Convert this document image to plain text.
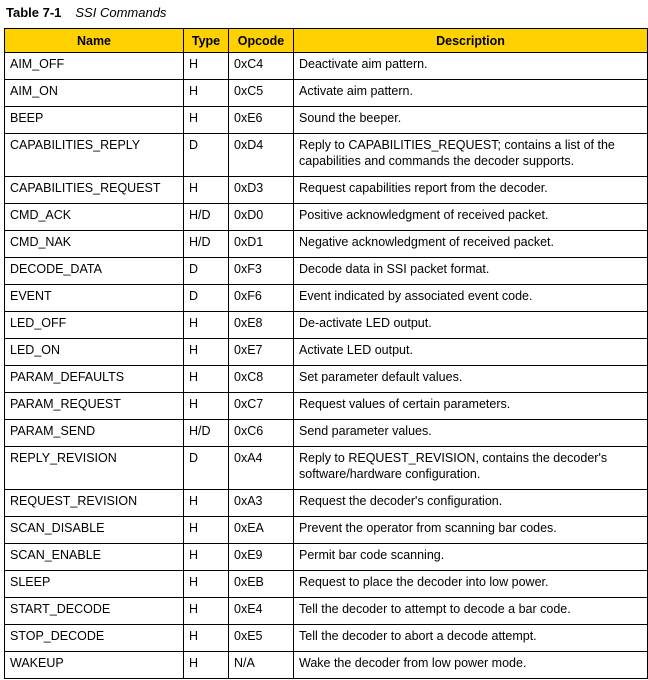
Table 7-1 SSI Commands
Name	Type	Opcode	Description
AIM_OFF	H	0xC4	Deactivate aim pattern.
AIM_ON	H	0xC5	Activate aim pattern.
BEEP	H	0xE6	Sound the beeper.
CAPABILITIES_REPLY	D	0xD4	Reply to CAPABILITIES_REQUEST; contains a list of the capabilities and commands the decoder supports.
CAPABILITIES_REQUEST	H	0xD3	Request capabilities report from the decoder.
CMD_ACK	H/D	0xD0	Positive acknowledgment of received packet.
CMD_NAK	H/D	0xD1	Negative acknowledgment of received packet.
DECODE_DATA	D	0xF3	Decode data in SSI packet format.
EVENT	D	0xF6	Event indicated by associated event code.
LED_OFF	H	0xE8	De-activate LED output.
LED_ON	H	0xE7	Activate LED output.
PARAM_DEFAULTS	H	0xC8	Set parameter default values.
PARAM_REQUEST	H	0xC7	Request values of certain parameters.
PARAM_SEND	H/D	0xC6	Send parameter values.
REPLY_REVISION	D	0xA4	Reply to REQUEST_REVISION, contains the decoder's software/hardware configuration.
REQUEST_REVISION	H	0xA3	Request the decoder's configuration.
SCAN_DISABLE	H	0xEA	Prevent the operator from scanning bar codes.
SCAN_ENABLE	H	0xE9	Permit bar code scanning.
SLEEP	H	0xEB	Request to place the decoder into low power.
START_DECODE	H	0xE4	Tell the decoder to attempt to decode a bar code.
STOP_DECODE	H	0xE5	Tell the decoder to abort a decode attempt.
WAKEUP	H	N/A	Wake the decoder from low power mode.
